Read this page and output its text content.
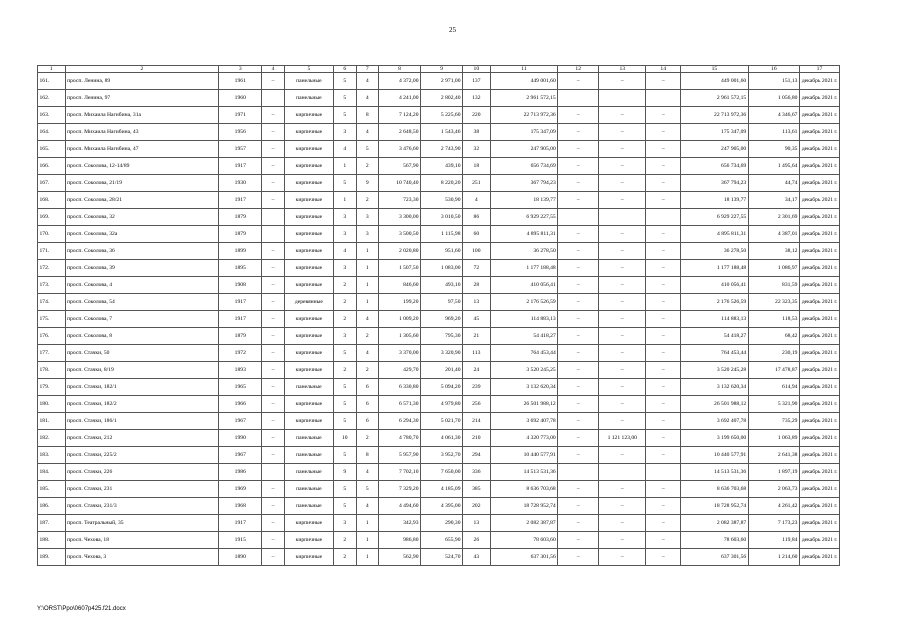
25
1	2	3	4	5	6	7	8	9	10	11	12	13	14	15	16	17
161.	просп. Ленина, 89	1961	–	панельные	5	4	4 372,00	2 971,00	137	449 001,60	–	–	–	449 001,60	151,13	декабрь 2021 г.
162.	просп. Ленина, 97	1960		панельные	5	4	4 241,00	2 802,40	132	2 961 572,15				2 961 572,15	1 056,80	декабрь 2021 г.
163.	просп. Михаила Нагибина, 31а	1971	–	кирпичные	5	8	7 124,20	5 225,60	220	22 713 972,36	–	–	–	22 713 972,36	4 346,67	декабрь 2021 г.
164.	просп. Михаила Нагибина, 43	1956	–	кирпичные	3	4	2 648,50	1 543,46	38	175 347,09	–	–	–	175 347,09	113,61	декабрь 2021 г.
165.	просп. Михаила Нагибина, 47	1957	–	кирпичные	4	5	3 476,60	2 743,90	32	247 905,00	–	–	–	247 905,00	90,35	декабрь 2021 г.
166.	просп. Соколова, 12-14/89	1917	–	кирпичные	1	2	567,90	439,10	18	656 734,69	–	–	–	656 734,69	1 495,64	декабрь 2021 г.
167.	просп. Соколова, 21/19	1930	–	кирпичные	5	9	10 740,40	8 220,20	251	367 794,23	–	–	–	367 794,23	44,74	декабрь 2021 г.
168.	просп. Соколова, 28/21	1917	–	кирпичные	1	2	723,30	530,90	4	18 139,77	–	–	–	18 139,77	34,17	декабрь 2021 г.
169.	просп. Соколова, 32	1879		кирпичные	3	3	3 300,00	3 010,50	86	6 929 227,55				6 929 227,55	2 301,69	декабрь 2021 г.
170.	просп. Соколова, 32а	1879		кирпичные	3	3	3 500,50	1 115,98	60	4 895 811,31	–	–	–	4 895 811,31	4 387,01	декабрь 2021 г.
171.	просп. Соколова, 36	1899	–	кирпичные	4	1	2 020,80	951,60	100	36 278,50	–	–	–	36 278,50	38,12	декабрь 2021 г.
172.	просп. Соколова, 39	1895	–	кирпичные	3	1	1 507,50	1 083,00	72	1 177 188,48	–	–	–	1 177 188,48	1 086,97	декабрь 2021 г.
173.	просп. Соколова, 4	1908	–	кирпичные	2	1	846,60	493,10	28	410 056,41	–	–	–	410 056,41	831,59	декабрь 2021 г.
174.	просп. Соколова, 54	1917	–	деревянные	2	1	199,20	97,50	13	2 176 526,59	–	–	–	2 176 526,59	22 323,35	декабрь 2021 г.
175.	просп. Соколова, 7	1917	–	кирпичные	2	4	1 009,20	969,20	45	114 883,13	–	–	–	114 883,13	118,53	декабрь 2021 г.
176.	просп. Соколова, 8	1879	–	кирпичные	3	2	1 305,60	795,30	21	54 418,27	–	–	–	54 418,27	68,42	декабрь 2021 г.
177.	просп. Стачки, 50	1972	–	кирпичные	5	4	3 370,00	3 320,90	113	764 453,44	–	–	–	764 453,44	230,19	декабрь 2021 г.
178.	просп. Стачки, 8/19	1893	–	кирпичные	2	2	429,70	201,40	24	3 520 245,25	–	–	–	3 520 245,28	17 478,87	декабрь 2021 г.
179.	просп. Стачки, 182/1	1965	–	панельные	5	6	6 330,80	5 094,20	239	3 132 620,34	–	–	–	3 132 620,34	614,94	декабрь 2021 г.
180.	просп. Стачки, 182/2	1966	–	кирпичные	5	6	6 571,30	4 979,80	256	26 501 988,12	–	–	–	26 501 988,12	5 321,90	декабрь 2021 г.
181.	просп. Стачки, 186/1	1967	–	кирпичные	5	6	6 294,30	5 021,70	214	3 692 407,78	–	–	–	3 692 407,78	735,29	декабрь 2021 г.
182.	просп. Стачки, 212	1990	–	панельные	10	2	4 780,70	4 061,30	210	4 320 773,00	–	1 121 123,00	–	3 199 650,00	1 063,89	декабрь 2021 г.
183.	просп. Стачки, 225/2	1967	–	панельные	5	8	5 957,90	3 952,70	294	10 440 577,91	–	–	–	10 440 577,91	2 641,38	декабрь 2021 г.
184.	просп. Стачки, 226	1986		панельные	9	4	7 702,10	7 650,00	336	14 513 531,36				14 513 531,36	1 897,19	декабрь 2021 г.
185.	просп. Стачки, 231	1969	–	панельные	5	5	7 329,20	4 185,09	385	8 636 703,68	–	–	–	8 636 703,68	2 063,73	декабрь 2021 г.
186.	просп. Стачки, 231/3	1968	–	панельные	5	4	4 494,60	4 395,00	202	18 728 952,74	–	–	–	18 728 952,74	4 261,42	декабрь 2021 г.
187.	просп. Театральный, 35	1917	–	кирпичные	3	1	342,93	290,30	13	2 082 387,87	–	–	–	2 082 387,87	7 173,23	декабрь 2021 г.
188.	просп. Чехова, 18	1915	–	кирпичные	2	1	986,80	655,90	26	78 603,60	–	–	–	78 603,60	119,84	декабрь 2021 г.
189.	просп. Чехова, 3	1890	–	кирпичные	2	1	562,90	524,70	43	637 301,56	–	–	–	637 301,56	1 214,60	декабрь 2021 г.
Y:\ORST\Ppo\0607p425.f21.docx
